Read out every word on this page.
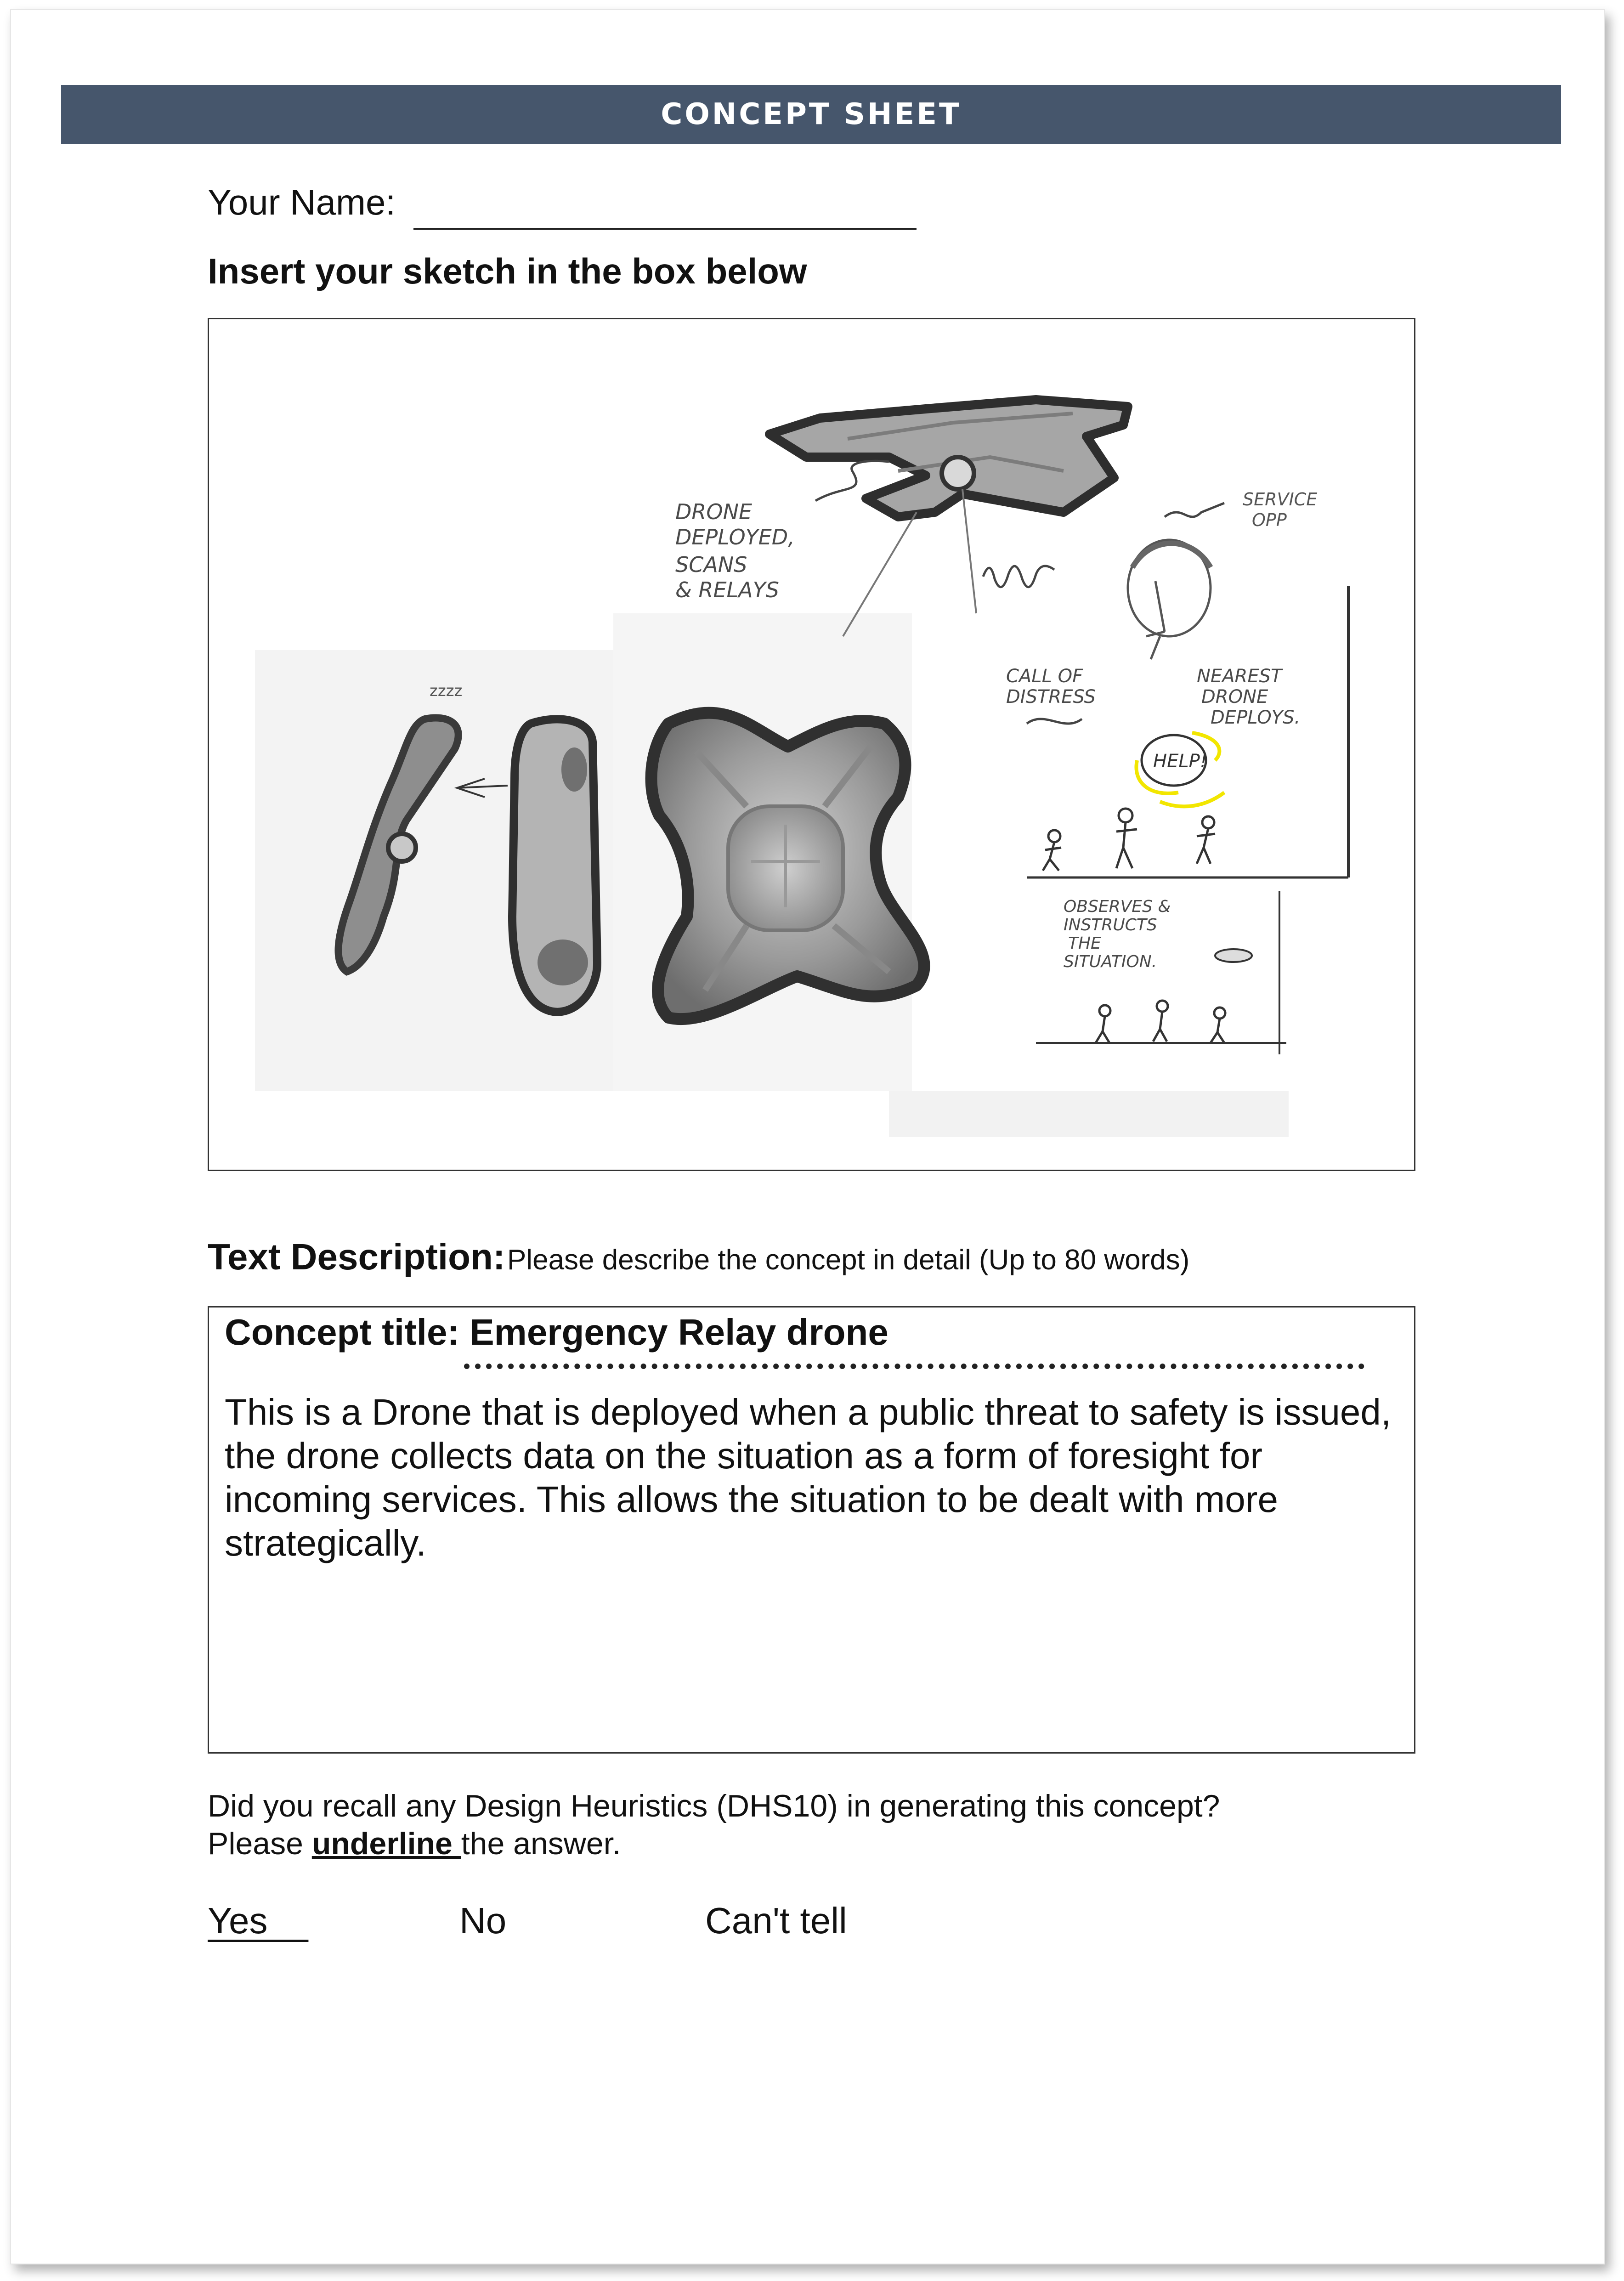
CONCEPT SHEET
Your Name:
Insert your sketch in the box below
DRONE
DEPLOYED,
SCANS
& RELAYS
SERVICE
OPP
CALL OF
DISTRESS
NEAREST
DRONE
DEPLOYS.
HELP!
OBSERVES &
INSTRUCTS
THE
SITUATION.
zzzz
Text Description: Please describe the concept in detail (Up to 80 words)
Concept title: Emergency Relay drone
This is a Drone that is deployed when a public threat to safety is issued, the drone collects data on the situation as a form of foresight for incoming services. This allows the situation to be dealt with more strategically.
Did you recall any Design Heuristics (DHS10) in generating this concept?
Please underline the answer.
Yes	No	Can't tell
